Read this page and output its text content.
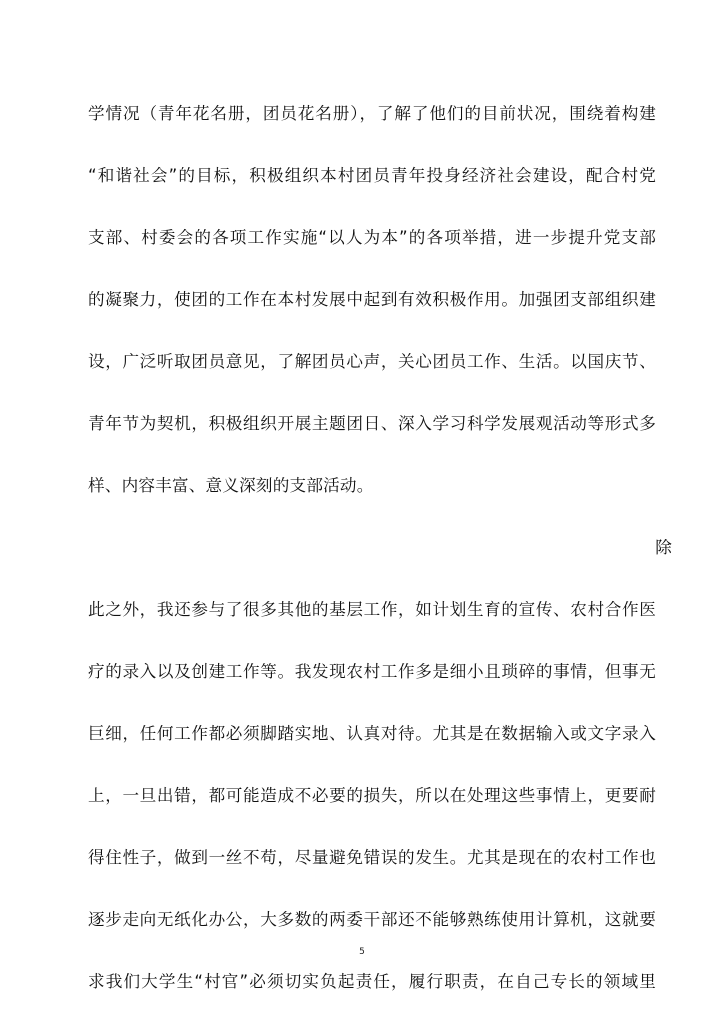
学情况（青年花名册，团员花名册），了解了他们的目前状况，围绕着构建
“和谐社会”的目标，积极组织本村团员青年投身经济社会建设，配合村党
支部、村委会的各项工作实施“以人为本”的各项举措，进一步提升党支部
的凝聚力，使团的工作在本村发展中起到有效积极作用。加强团支部组织建
设，广泛听取团员意见，了解团员心声，关心团员工作、生活。以国庆节、
青年节为契机，积极组织开展主题团日、深入学习科学发展观活动等形式多
样、内容丰富、意义深刻的支部活动。
除
此之外，我还参与了很多其他的基层工作，如计划生育的宣传、农村合作医
疗的录入以及创建工作等。我发现农村工作多是细小且琐碎的事情，但事无
巨细，任何工作都必须脚踏实地、认真对待。尤其是在数据输入或文字录入
上，一旦出错，都可能造成不必要的损失，所以在处理这些事情上，更要耐
得住性子，做到一丝不苟，尽量避免错误的发生。尤其是现在的农村工作也
逐步走向无纸化办公，大多数的两委干部还不能够熟练使用计算机，这就要
求我们大学生“村官”必须切实负起责任，履行职责，在自己专长的领域里
5
